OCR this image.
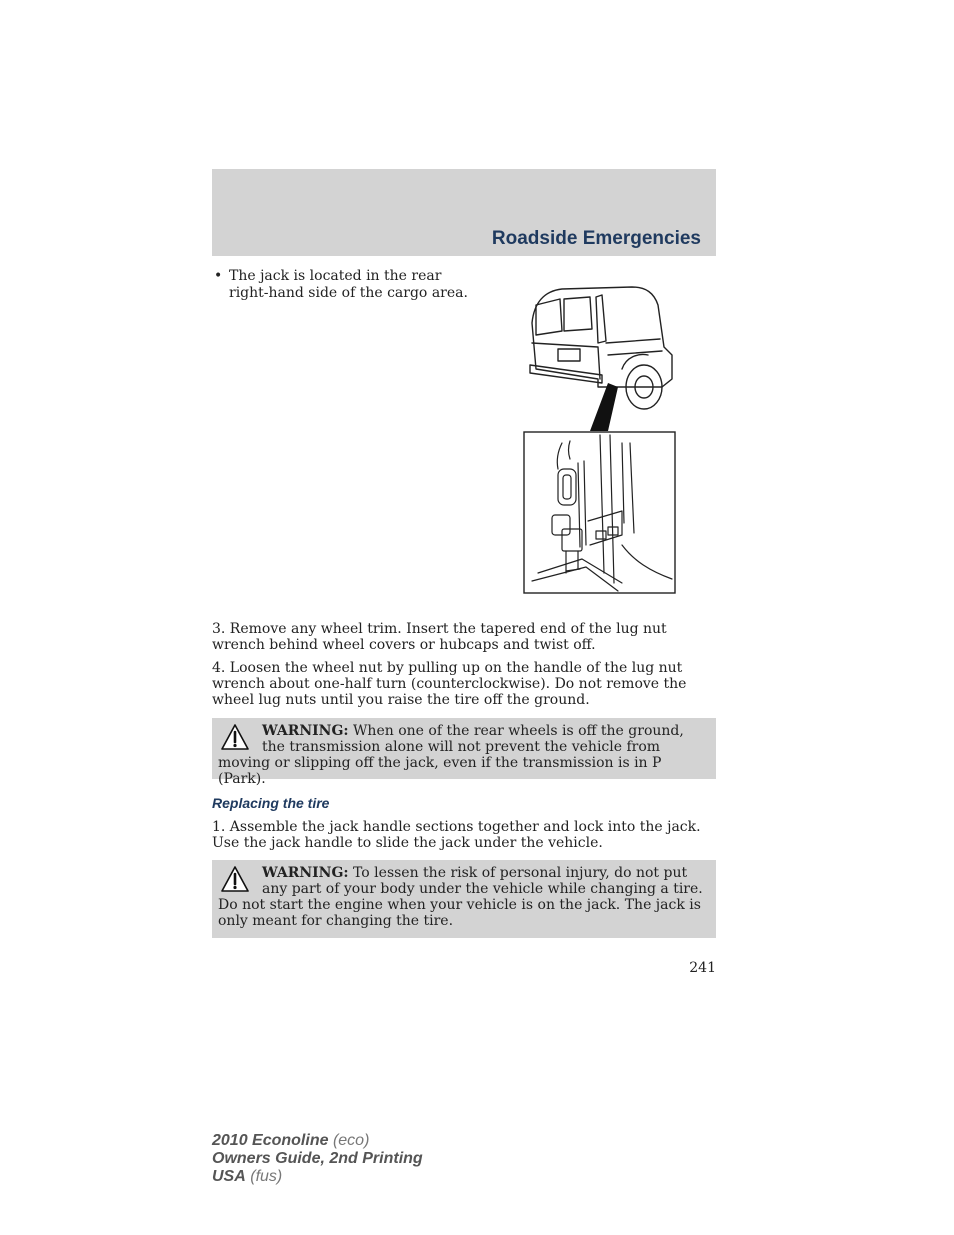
Roadside Emergencies
• The jack is located in the rear right-hand side of the cargo area.

3. Remove any wheel trim. Insert the tapered end of the lug nut wrench behind wheel covers or hubcaps and twist off.

4. Loosen the wheel nut by pulling up on the handle of the lug nut wrench about one-half turn (counterclockwise). Do not remove the wheel lug nuts until you raise the tire off the ground.

WARNING: When one of the rear wheels is off the ground, the transmission alone will not prevent the vehicle from moving or slipping off the jack, even if the transmission is in P (Park).
Replacing the tire

1. Assemble the jack handle sections together and lock into the jack. Use the jack handle to slide the jack under the vehicle.

WARNING: To lessen the risk of personal injury, do not put any part of your body under the vehicle while changing a tire. Do not start the engine when your vehicle is on the jack. The jack is only meant for changing the tire.
241
2010 Econoline (eco)
Owners Guide, 2nd Printing
USA (fus)
